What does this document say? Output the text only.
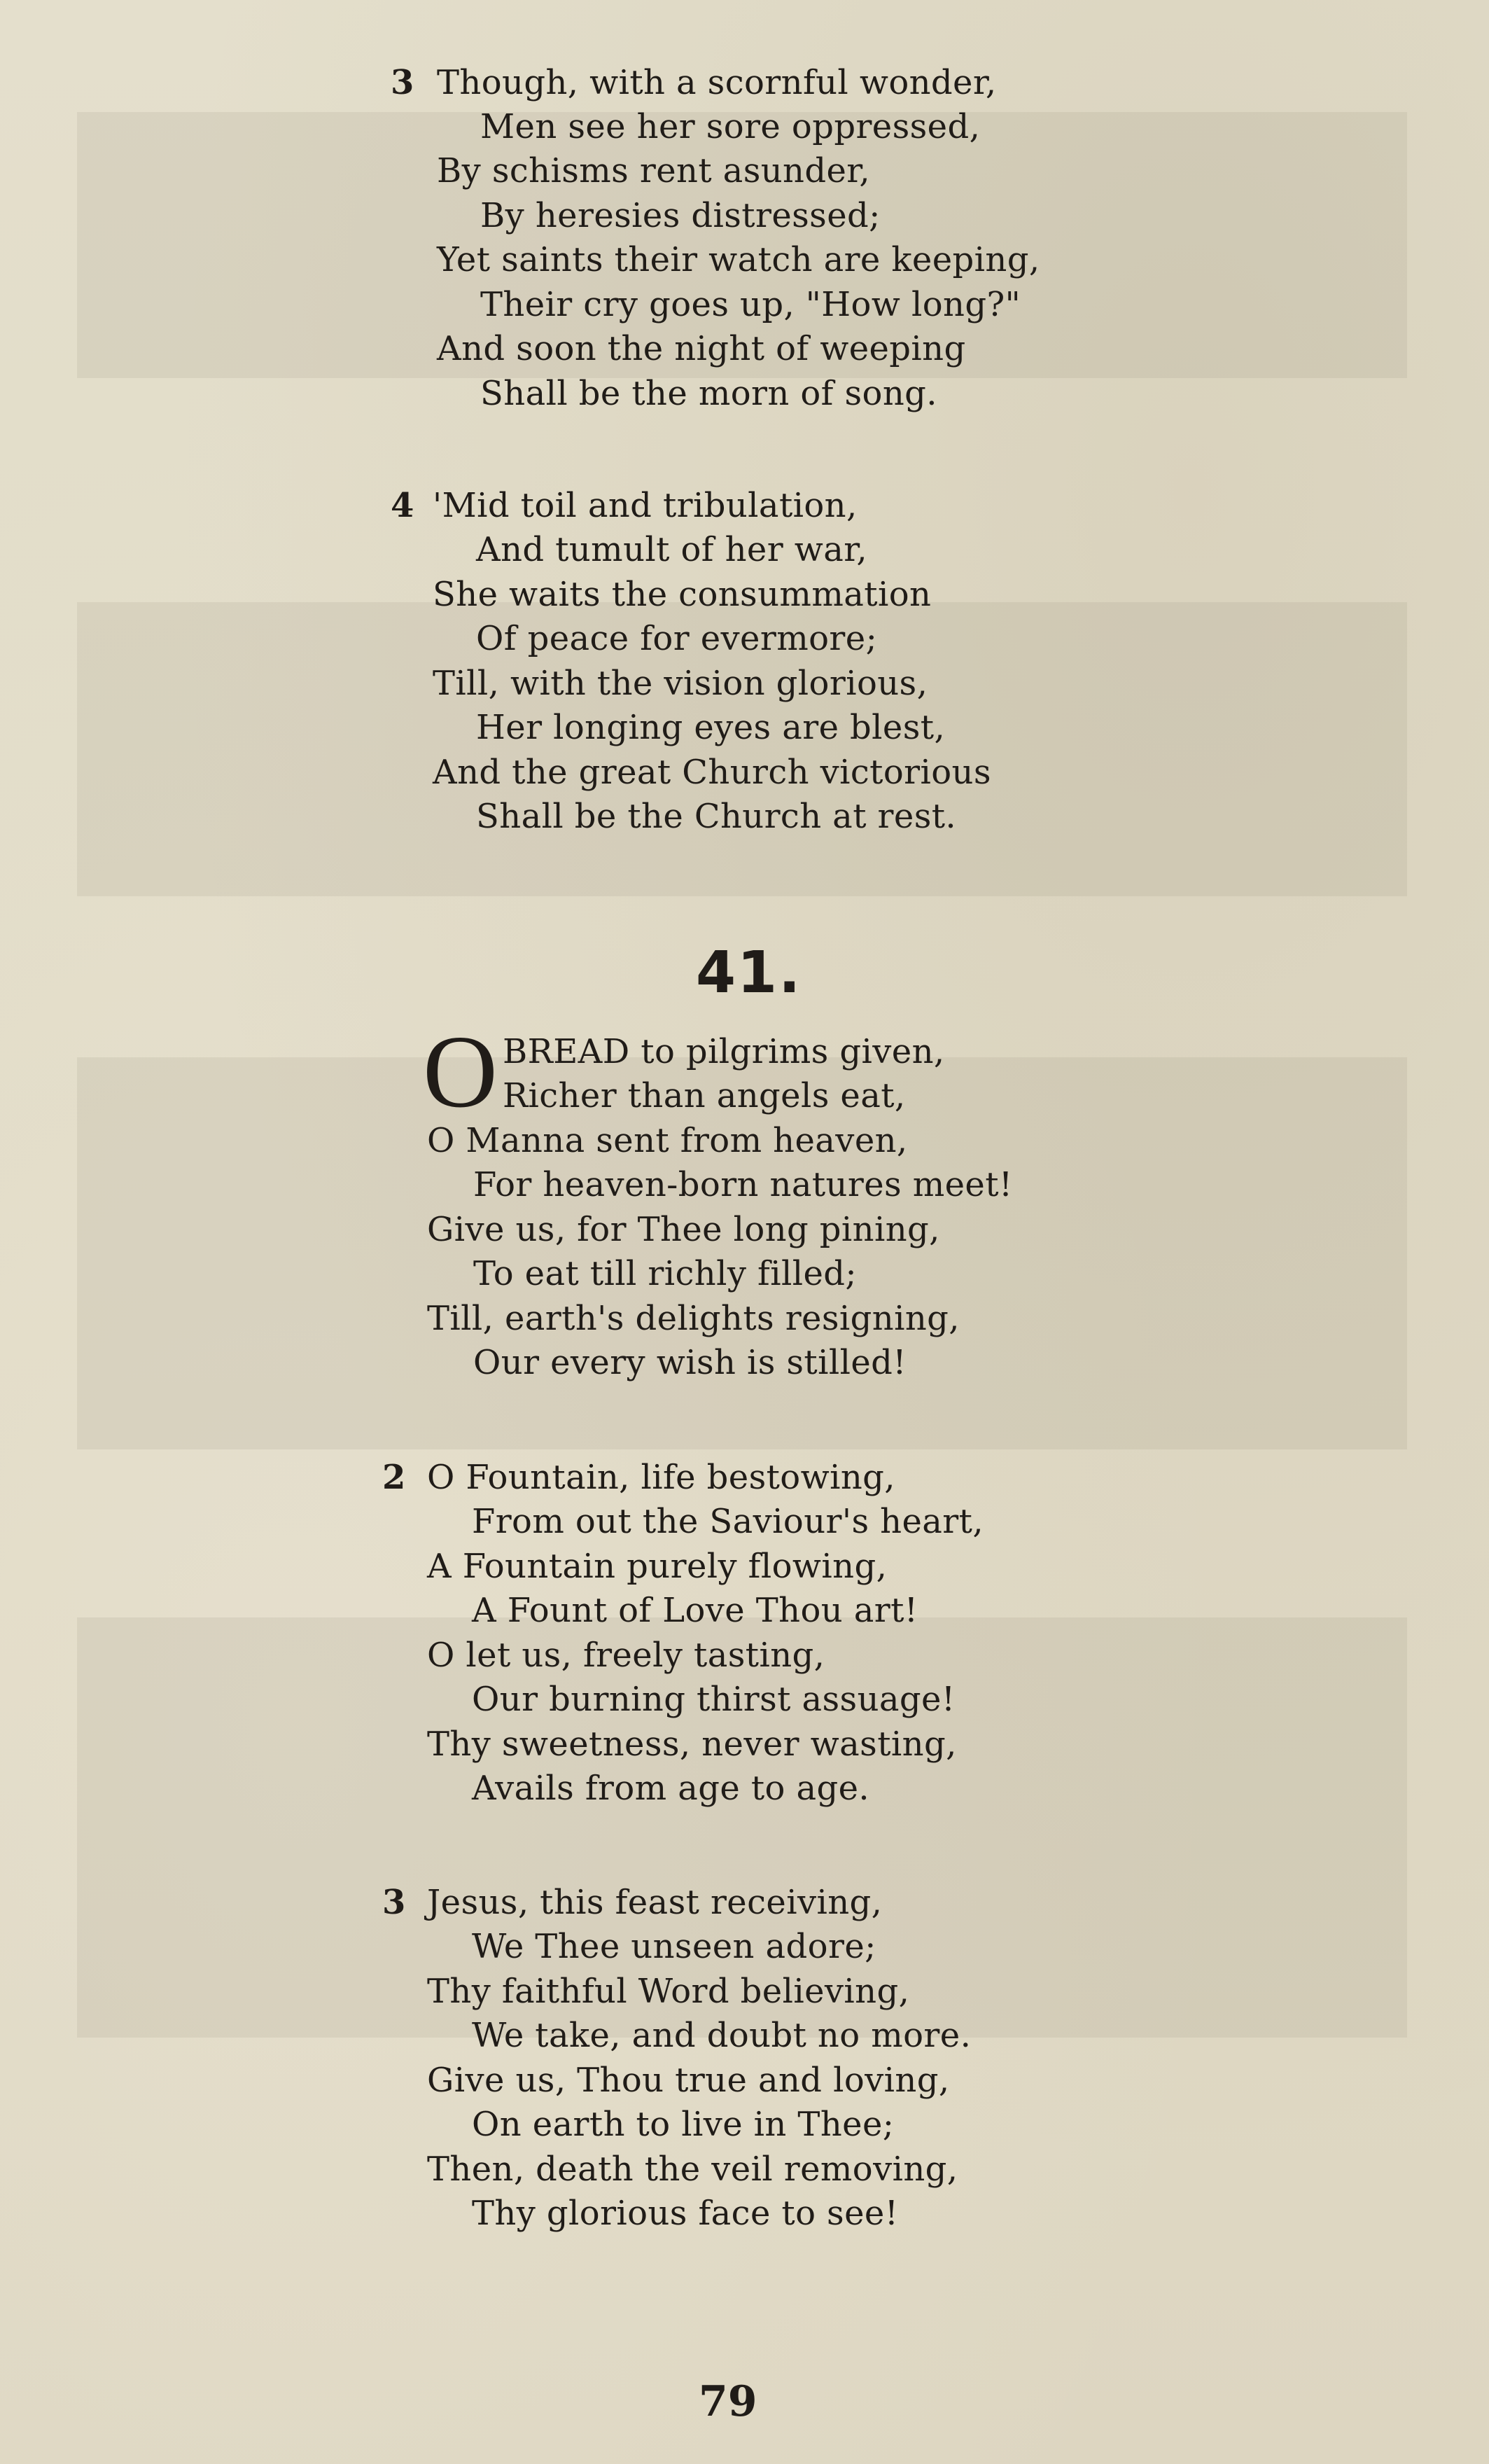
3 Though, with a scornful wonder,
Men see her sore oppressed,
By schisms rent asunder,
By heresies distressed;
Yet saints their watch are keeping,
Their cry goes up, "How long?"
And soon the night of weeping
Shall be the morn of song.
4 'Mid toil and tribulation,
And tumult of her war,
She waits the consummation
Of peace for evermore;
Till, with the vision glorious,
Her longing eyes are blest,
And the great Church victorious
Shall be the Church at rest.
41.
O BREAD to pilgrims given,
Richer than angels eat,
O Manna sent from heaven,
For heaven-born natures meet!
Give us, for Thee long pining,
To eat till richly filled;
Till, earth's delights resigning,
Our every wish is stilled!
2 O Fountain, life bestowing,
From out the Saviour's heart,
A Fountain purely flowing,
A Fount of Love Thou art!
O let us, freely tasting,
Our burning thirst assuage!
Thy sweetness, never wasting,
Avails from age to age.
3 Jesus, this feast receiving,
We Thee unseen adore;
Thy faithful Word believing,
We take, and doubt no more.
Give us, Thou true and loving,
On earth to live in Thee;
Then, death the veil removing,
Thy glorious face to see!
79
